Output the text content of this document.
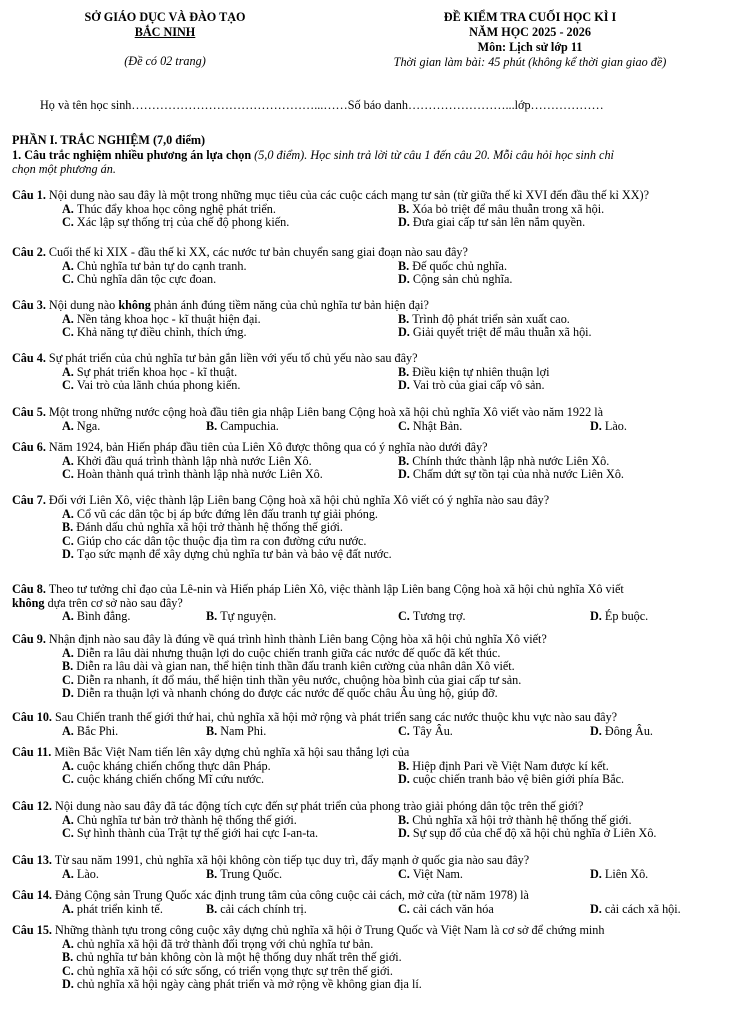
SỞ GIÁO DỤC VÀ ĐÀO TẠO
BẮC NINH
(Đề có 02 trang)
ĐỀ KIỂM TRA CUỐI HỌC KÌ I
NĂM HỌC 2025 - 2026
Môn: Lịch sử lớp 11
Thời gian làm bài: 45 phút (không kể thời gian giao đề)
Họ và tên học sinh………………………………………...……Số báo danh……………………...lớp………………
PHẦN I. TRẮC NGHIỆM (7,0 điểm)
1. Câu trắc nghiệm nhiều phương án lựa chọn (5,0 điểm). Học sinh trả lời từ câu 1 đến câu 20. Mỗi câu hỏi học sinh chỉ
chọn một phương án.
Câu 1. Nội dung nào sau đây là một trong những mục tiêu của các cuộc cách mạng tư sản (từ giữa thế kỉ XVI đến đầu thế kỉ XX)?
A. Thúc đẩy khoa học công nghệ phát triển.	B. Xóa bỏ triệt để mâu thuẫn trong xã hội.
C. Xác lập sự thống trị của chế độ phong kiến.	D. Đưa giai cấp tư sản lên nắm quyền.
Câu 2. Cuối thế kỉ XIX - đầu thế kỉ XX, các nước tư bản chuyển sang giai đoạn nào sau đây?
A. Chủ nghĩa tư bản tự do cạnh tranh.	B. Đế quốc chủ nghĩa.
C. Chủ nghĩa dân tộc cực đoan.	D. Cộng sản chủ nghĩa.
Câu 3. Nội dung nào không phản ánh đúng tiềm năng của chủ nghĩa tư bản hiện đại?
A. Nền tảng khoa học - kĩ thuật hiện đại.	B. Trình độ phát triển sản xuất cao.
C. Khả năng tự điều chỉnh, thích ứng.	D. Giải quyết triệt để mâu thuẫn xã hội.
Câu 4. Sự phát triển của chủ nghĩa tư bản gắn liền với yếu tố chủ yếu nào sau đây?
A. Sự phát triển khoa học - kĩ thuật.	B. Điều kiện tự nhiên thuận lợi
C. Vai trò của lãnh chúa phong kiến.	D. Vai trò của giai cấp vô sản.
Câu 5. Một trong những nước cộng hoà đầu tiên gia nhập Liên bang Cộng hoà xã hội chủ nghĩa Xô viết vào năm 1922 là
A. Nga.	B. Campuchia.	C. Nhật Bản.	D. Lào.
Câu 6. Năm 1924, bản Hiến pháp đầu tiên của Liên Xô được thông qua có ý nghĩa nào dưới đây?
A. Khởi đầu quá trình thành lập nhà nước Liên Xô.	B. Chính thức thành lập nhà nước Liên Xô.
C. Hoàn thành quá trình thành lập nhà nước Liên Xô.	D. Chấm dứt sự tồn tại của nhà nước Liên Xô.
Câu 7. Đối với Liên Xô, việc thành lập Liên bang Cộng hoà xã hội chủ nghĩa Xô viết có ý nghĩa nào sau đây?
A. Cổ vũ các dân tộc bị áp bức đứng lên đấu tranh tự giải phóng.
B. Đánh dấu chủ nghĩa xã hội trở thành hệ thống thế giới.
C. Giúp cho các dân tộc thuộc địa tìm ra con đường cứu nước.
D. Tạo sức mạnh để xây dựng chủ nghĩa tư bản và bảo vệ đất nước.
Câu 8. Theo tư tưởng chỉ đạo của Lê-nin và Hiến pháp Liên Xô, việc thành lập Liên bang Cộng hoà xã hội chủ nghĩa Xô viết
không dựa trên cơ sở nào sau đây?
A. Bình đẳng.	B. Tự nguyện.	C. Tương trợ.	D. Ép buộc.
Câu 9. Nhận định nào sau đây là đúng về quá trình hình thành Liên bang Cộng hòa xã hội chủ nghĩa Xô viết?
A. Diễn ra lâu dài nhưng thuận lợi do cuộc chiến tranh giữa các nước đế quốc đã kết thúc.
B. Diễn ra lâu dài và gian nan, thể hiện tinh thần đấu tranh kiên cường của nhân dân Xô viết.
C. Diễn ra nhanh, ít đổ máu, thể hiện tinh thần yêu nước, chuộng hòa bình của giai cấp tư sản.
D. Diễn ra thuận lợi và nhanh chóng do được các nước đế quốc châu Âu ủng hộ, giúp đỡ.
Câu 10. Sau Chiến tranh thế giới thứ hai, chủ nghĩa xã hội mở rộng và phát triển sang các nước thuộc khu vực nào sau đây?
A. Bắc Phi.	B. Nam Phi.	C. Tây Âu.	D. Đông Âu.
Câu 11. Miền Bắc Việt Nam tiến lên xây dựng chủ nghĩa xã hội sau thắng lợi của
A. cuộc kháng chiến chống thực dân Pháp.	B. Hiệp định Pari về Việt Nam được kí kết.
C. cuộc kháng chiến chống Mĩ cứu nước.	D. cuộc chiến tranh bảo vệ biên giới phía Bắc.
Câu 12. Nội dung nào sau đây đã tác động tích cực đến sự phát triển của phong trào giải phóng dân tộc trên thế giới?
A. Chủ nghĩa tư bản trở thành hệ thống thế giới.	B. Chủ nghĩa xã hội trở thành hệ thống thế giới.
C. Sự hình thành của Trật tự thế giới hai cực I-an-ta.	D. Sự sụp đổ của chế độ xã hội chủ nghĩa ở Liên Xô.
Câu 13. Từ sau năm 1991, chủ nghĩa xã hội không còn tiếp tục duy trì, đẩy mạnh ở quốc gia nào sau đây?
A. Lào.	B. Trung Quốc.	C. Việt Nam.	D. Liên Xô.
Câu 14. Đảng Cộng sản Trung Quốc xác định trung tâm của công cuộc cải cách, mở cửa (từ năm 1978) là
A. phát triển kinh tế.	B. cải cách chính trị.	C. cải cách văn hóa	D. cải cách xã hội.
Câu 15. Những thành tựu trong công cuộc xây dựng chủ nghĩa xã hội ở Trung Quốc và Việt Nam là cơ sở để chứng minh
A. chủ nghĩa xã hội đã trở thành đối trọng với chủ nghĩa tư bản.
B. chủ nghĩa tư bản không còn là một hệ thống duy nhất trên thế giới.
C. chủ nghĩa xã hội có sức sống, có triển vọng thực sự trên thế giới.
D. chủ nghĩa xã hội ngày càng phát triển và mở rộng về không gian địa lí.
